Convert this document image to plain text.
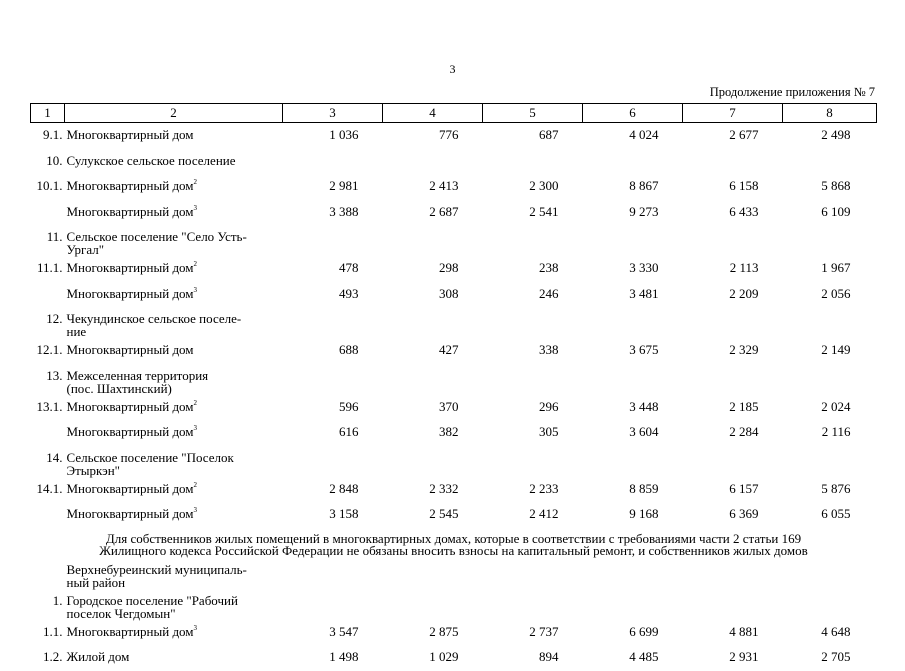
3
Продолжение приложения № 7
1	2	3	4	5	6	7	8
9.1.	Многоквартирный дом	1 036	776	687	4 024	2 677	2 498
10.	Сулукское сельское поселение						

10.1.	Многоквартирный дом$^2$	2 981	2 413	2 300	8 867	6 158	5 868

	Многоквартирный дом$^3$	3 388	2 687	2 541	9 273	6 433	6 109
11.	Сельское поселение "Село Усть-
Ургал"						

11.1.	Многоквартирный дом$^2$	478	298	238	3 330	2 113	1 967

	Многоквартирный дом$^3$	493	308	246	3 481	2 209	2 056
12.	Чекундинское сельское поселе-
ние						

12.1.	Многоквартирный дом	688	427	338	3 675	2 329	2 149
13.	Межселенная территория
(пос. Шахтинский)						

13.1.	Многоквартирный дом$^2$	596	370	296	3 448	2 185	2 024

	Многоквартирный дом$^3$	616	382	305	3 604	2 284	2 116
14.	Сельское поселение "Поселок
Этыркэн"						

14.1.	Многоквартирный дом$^2$	2 848	2 332	2 233	8 859	6 157	5 876

	Многоквартирный дом$^3$	3 158	2 545	2 412	9 168	6 369	6 055

Для собственников жилых помещений в многоквартирных домах, которые в соответствии с требованиями части 2 статьи 169
Жилищного кодекса Российской Федерации не обязаны вносить взносы на капитальный ремонт, и собственников жилых домов							

	Верхнебуреинский муниципаль-
ный район						

1.	Городское поселение "Рабочий
поселок Чегдомын"						

1.1.	Многоквартирный дом$^3$	3 547	2 875	2 737	6 699	4 881	4 648
1.2.	Жилой дом	1 498	1 029	894	4 485	2 931	2 705
